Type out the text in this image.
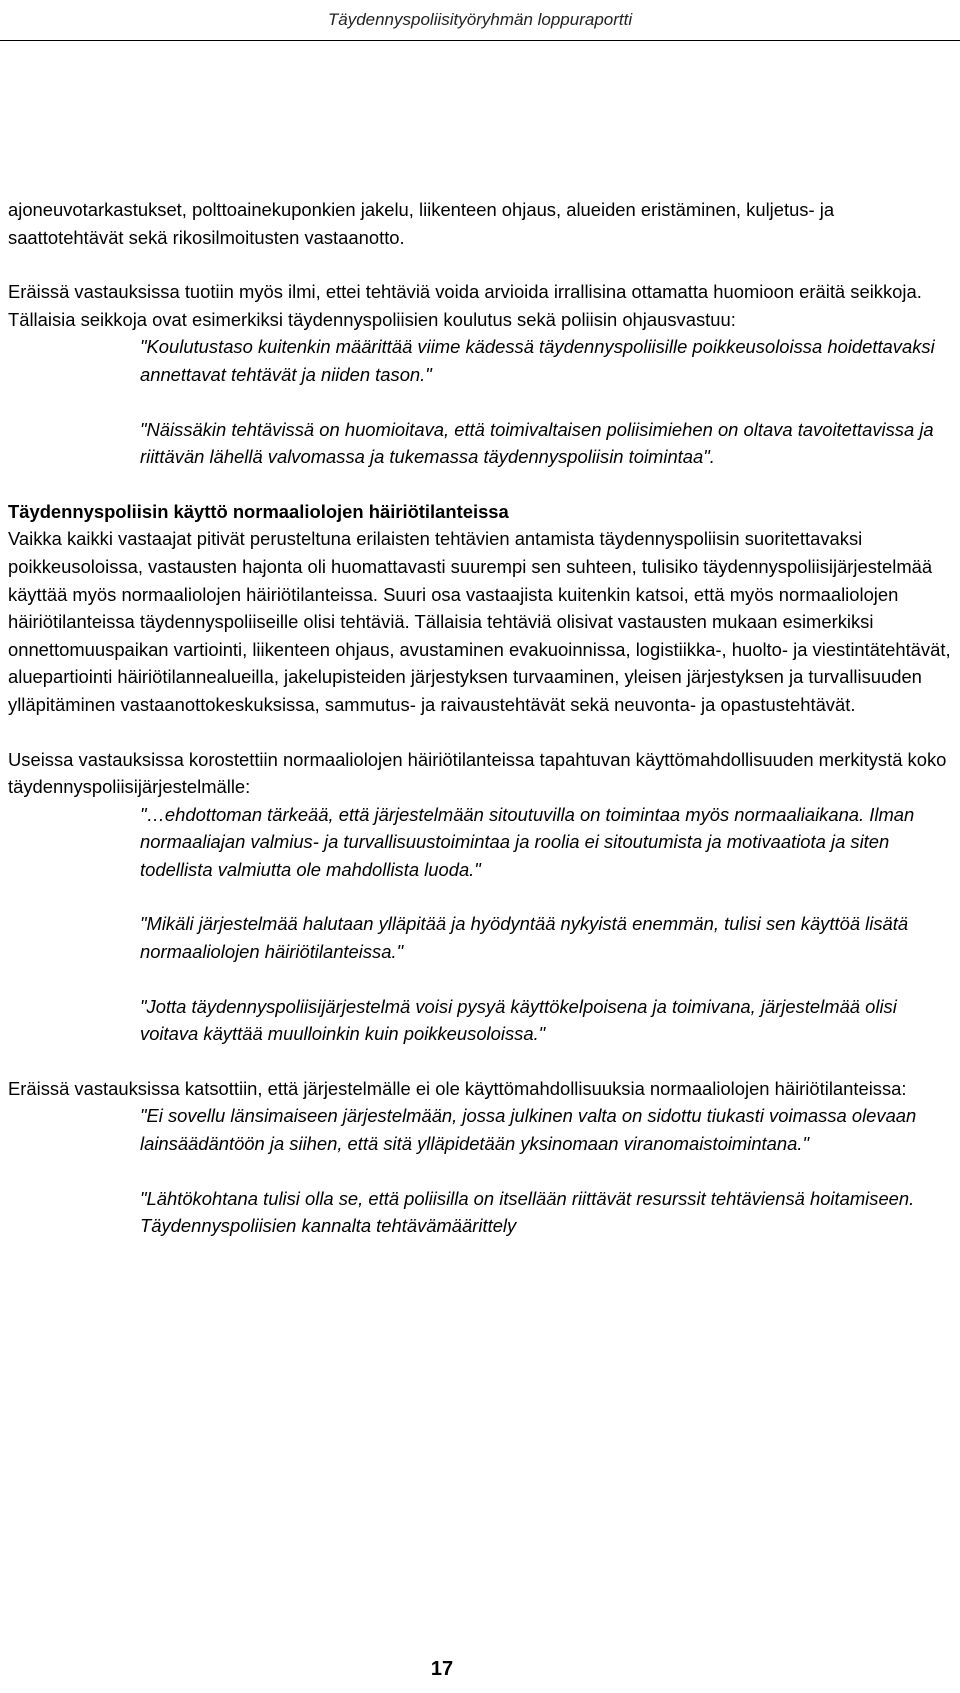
Täydennyspoliisityöryhmän loppuraportti

ajoneuvotarkastukset, polttoainekuponkien jakelu, liikenteen ohjaus, alueiden eristäminen, kuljetus- ja saattotehtävät sekä rikosilmoitusten vastaanotto.

Eräissä vastauksissa tuotiin myös ilmi, ettei tehtäviä voida arvioida irrallisina ottamatta huomioon eräitä seikkoja. Tällaisia seikkoja ovat esimerkiksi täydennyspoliisien koulutus sekä poliisin ohjausvastuu:

"Koulutustaso kuitenkin määrittää viime kädessä täydennyspoliisille poikkeusoloissa hoidettavaksi annettavat tehtävät ja niiden tason."

"Näissäkin tehtävissä on huomioitava, että toimivaltaisen poliisimiehen on oltava tavoitettavissa ja riittävän lähellä valvomassa ja tukemassa täydennyspoliisin toimintaa".

Täydennyspoliisin käyttö normaaliolojen häiriötilanteissa

Vaikka kaikki vastaajat pitivät perusteltuna erilaisten tehtävien antamista täydennyspoliisin suoritettavaksi poikkeusoloissa, vastausten hajonta oli huomattavasti suurempi sen suhteen, tulisiko täydennyspoliisijärjestelmää käyttää myös normaaliolojen häiriötilanteissa. Suuri osa vastaajista kuitenkin katsoi, että myös normaaliolojen häiriötilanteissa täydennyspoliiseille olisi tehtäviä. Tällaisia tehtäviä olisivat vastausten mukaan esimerkiksi onnettomuuspaikan vartiointi, liikenteen ohjaus, avustaminen evakuoinnissa, logistiikka-, huolto- ja viestintätehtävät, aluepartiointi häiriötilannealueilla, jakelupisteiden järjestyksen turvaaminen, yleisen järjestyksen ja turvallisuuden ylläpitäminen vastaanottokeskuksissa, sammutus- ja raivaustehtävät sekä neuvonta- ja opastustehtävät.

Useissa vastauksissa korostettiin normaaliolojen häiriötilanteissa tapahtuvan käyttömahdollisuuden merkitystä koko täydennyspoliisijärjestelmälle:

"…ehdottoman tärkeää, että järjestelmään sitoutuvilla on toimintaa myös normaaliaikana. Ilman normaaliajan valmius- ja turvallisuustoimintaa ja roolia ei sitoutumista ja motivaatiota ja siten todellista valmiutta ole mahdollista luoda."

"Mikäli järjestelmää halutaan ylläpitää ja hyödyntää nykyistä enemmän, tulisi sen käyttöä lisätä normaaliolojen häiriötilanteissa."

"Jotta täydennyspoliisijärjestelmä voisi pysyä käyttökelpoisena ja toimivana, järjestelmää olisi voitava käyttää muulloinkin kuin poikkeusoloissa."

Eräissä vastauksissa katsottiin, että järjestelmälle ei ole käyttömahdollisuuksia normaaliolojen häiriötilanteissa:

"Ei sovellu länsimaiseen järjestelmään, jossa julkinen valta on sidottu tiukasti voimassa olevaan lainsäädäntöön ja siihen, että sitä ylläpidetään yksinomaan viranomaistoimintana."

"Lähtökohtana tulisi olla se, että poliisilla on itsellään riittävät resurssit tehtäviensä hoitamiseen. Täydennyspoliisien kannalta tehtävämäärittely

17
